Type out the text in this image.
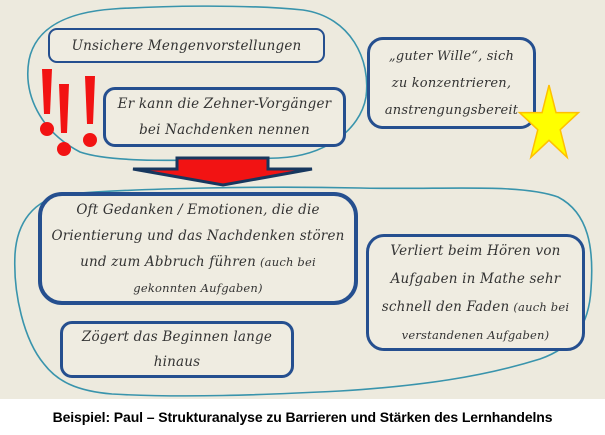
Unsichere Mengenvorstellungen
Er kann die Zehner-Vorgänger
bei Nachdenken nennen
„guter Wille“, sich
zu konzentrieren,
anstrengungsbereit
Oft Gedanken / Emotionen, die die
Orientierung und das Nachdenken stören
und zum Abbruch führen (auch bei
gekonnten Aufgaben)
Verliert beim Hören von
Aufgaben in Mathe sehr
schnell den Faden (auch bei
verstandenen Aufgaben)
Zögert das Beginnen lange
hinaus
Beispiel: Paul – Strukturanalyse zu Barrieren und Stärken des Lernhandelns
